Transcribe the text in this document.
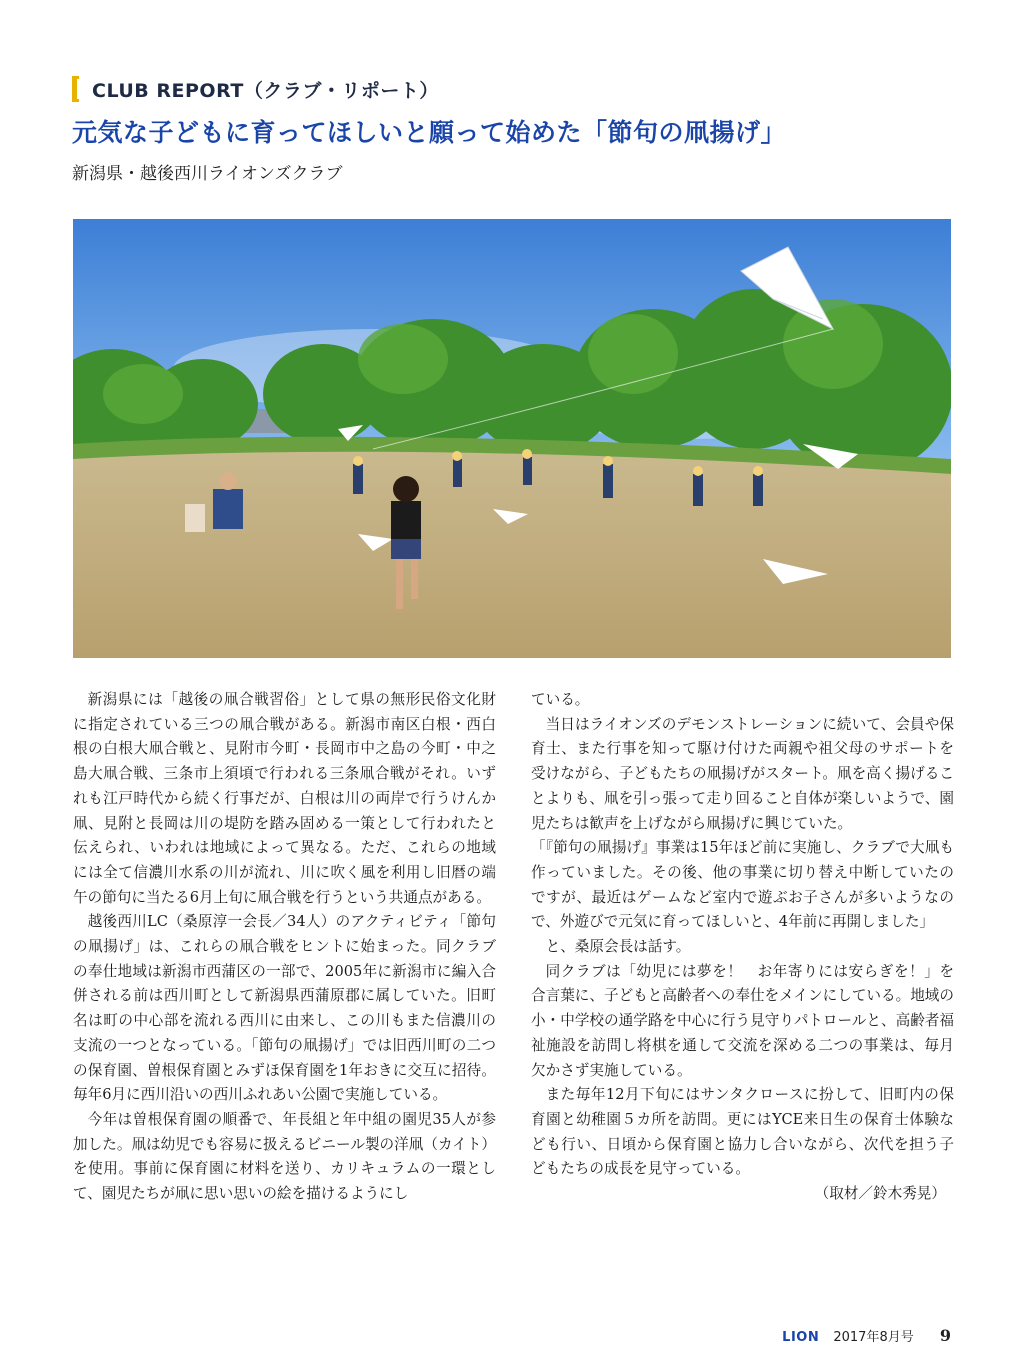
CLUB REPORT（クラブ・リポート）
元気な子どもに育ってほしいと願って始めた「節句の凧揚げ」
新潟県・越後西川ライオンズクラブ

新潟県には「越後の凧合戦習俗」として県の無形民俗文化財に指定されている三つの凧合戦がある。新潟市南区白根・西白根の白根大凧合戦と、見附市今町・長岡市中之島の今町・中之島大凧合戦、三条市上須頃で行われる三条凧合戦がそれ。いずれも江戸時代から続く行事だが、白根は川の両岸で行うけんか凧、見附と長岡は川の堤防を踏み固める一策として行われたと伝えられ、いわれは地域によって異なる。ただ、これらの地域には全て信濃川水系の川が流れ、川に吹く風を利用し旧暦の端午の節句に当たる6月上旬に凧合戦を行うという共通点がある。

越後西川LC（桑原淳一会長／34人）のアクティビティ「節句の凧揚げ」は、これらの凧合戦をヒントに始まった。同クラブの奉仕地域は新潟市西蒲区の一部で、2005年に新潟市に編入合併される前は西川町として新潟県西蒲原郡に属していた。旧町名は町の中心部を流れる西川に由来し、この川もまた信濃川の支流の一つとなっている。「節句の凧揚げ」では旧西川町の二つの保育園、曽根保育園とみずほ保育園を1年おきに交互に招待。毎年6月に西川沿いの西川ふれあい公園で実施している。

今年は曽根保育園の順番で、年長組と年中組の園児35人が参加した。凧は幼児でも容易に扱えるビニール製の洋凧（カイト）を使用。事前に保育園に材料を送り、カリキュラムの一環として、園児たちが凧に思い思いの絵を描けるようにし

ている。

当日はライオンズのデモンストレーションに続いて、会員や保育士、また行事を知って駆け付けた両親や祖父母のサポートを受けながら、子どもたちの凧揚げがスタート。凧を高く揚げることよりも、凧を引っ張って走り回ること自体が楽しいようで、園児たちは歓声を上げながら凧揚げに興じていた。

「『節句の凧揚げ』事業は15年ほど前に実施し、クラブで大凧も作っていました。その後、他の事業に切り替え中断していたのですが、最近はゲームなど室内で遊ぶお子さんが多いようなので、外遊びで元気に育ってほしいと、4年前に再開しました」

と、桑原会長は話す。

同クラブは「幼児には夢を！　お年寄りには安らぎを！」を合言葉に、子どもと高齢者への奉仕をメインにしている。地域の小・中学校の通学路を中心に行う見守りパトロールと、高齢者福祉施設を訪問し将棋を通して交流を深める二つの事業は、毎月欠かさず実施している。

また毎年12月下旬にはサンタクロースに扮して、旧町内の保育園と幼稚園５カ所を訪問。更にはYCE来日生の保育士体験なども行い、日頃から保育園と協力し合いながら、次代を担う子どもたちの成長を見守っている。

（取材／鈴木秀晃）

LION 2017年8月号 9
